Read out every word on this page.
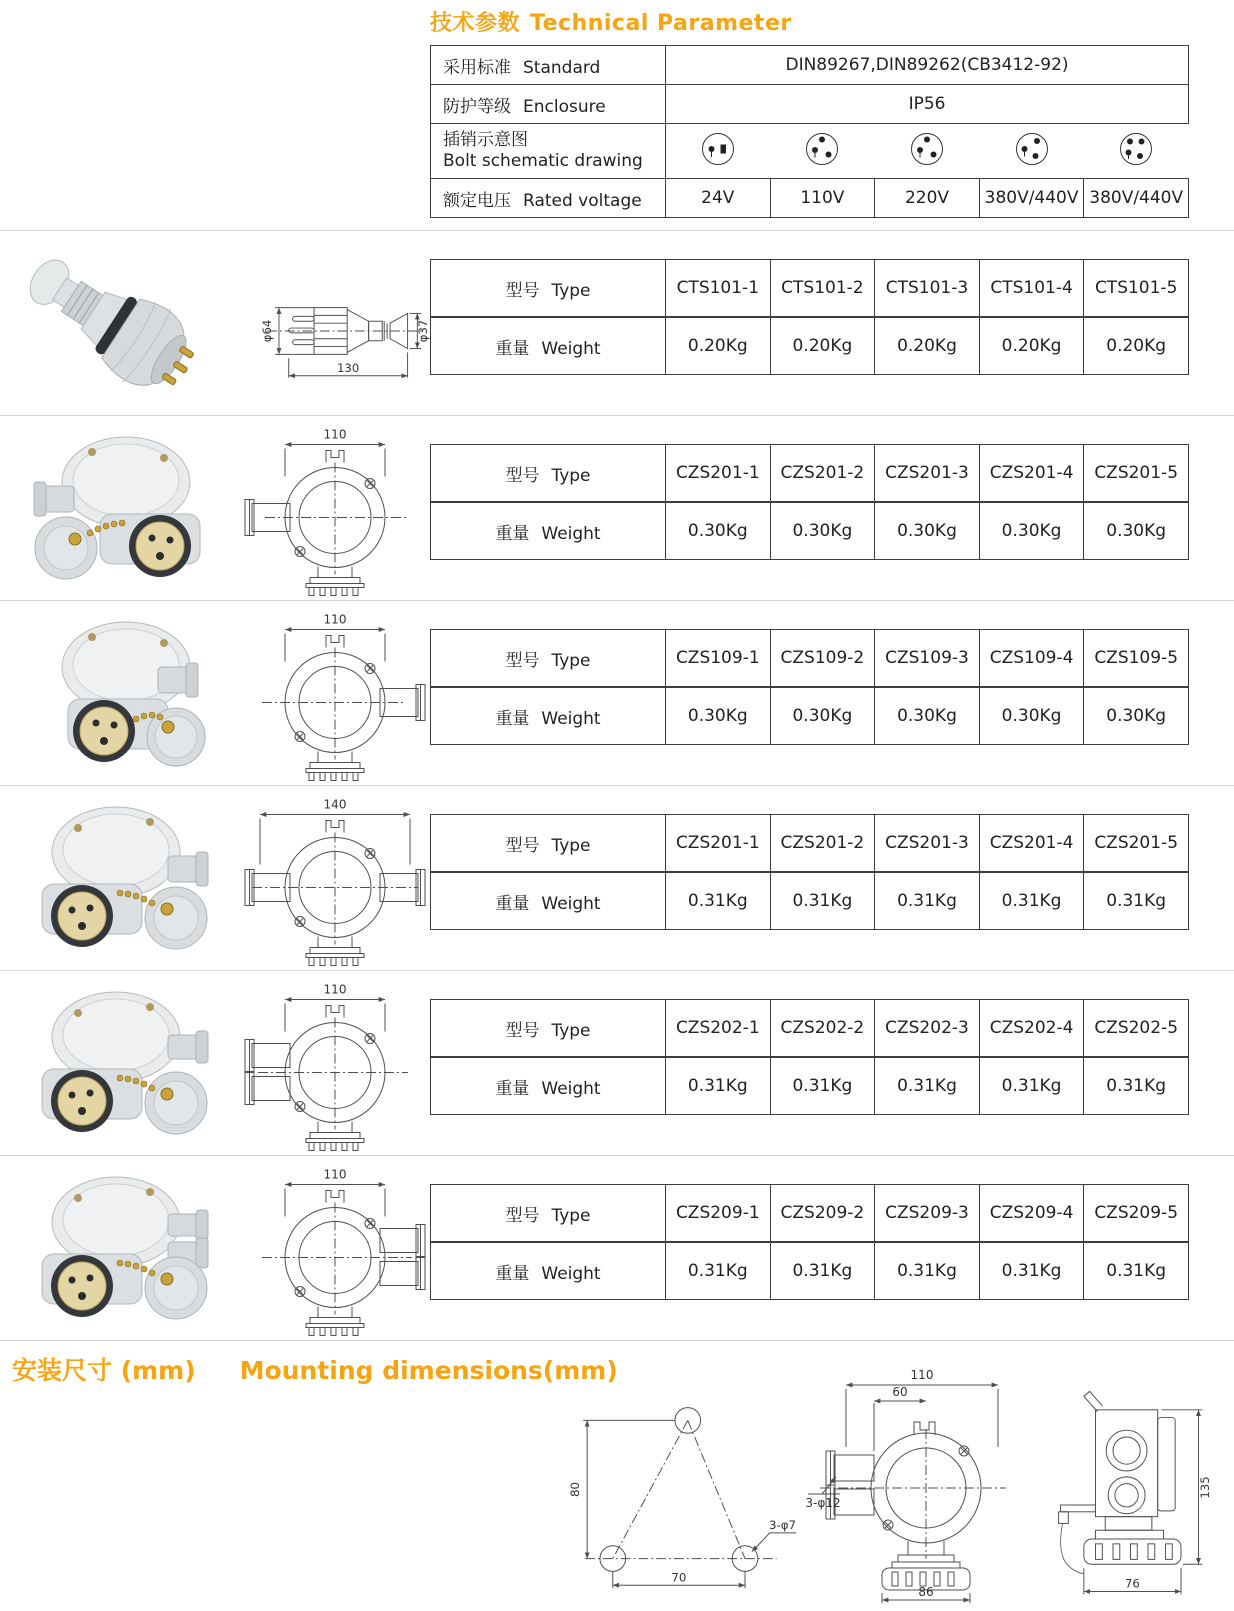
技术参数 Technical Parameter
采用标准 Standard	DIN89267,DIN89262(CB3412-92)				
防护等级 Enclosure	IP56				

插销示意图
Bolt schematic drawing

额定电压 Rated voltage	24V	110V	220V	380V/440V	380V/440V
φ64
130
φ37
型号 Type	CTS101-1	CTS101-2	CTS101-3	CTS101-4	CTS101-5
重量 Weight	0.20Kg	0.20Kg	0.20Kg	0.20Kg	0.20Kg
110
型号 Type	CZS201-1	CZS201-2	CZS201-3	CZS201-4	CZS201-5
重量 Weight	0.30Kg	0.30Kg	0.30Kg	0.30Kg	0.30Kg
110
型号 Type	CZS109-1	CZS109-2	CZS109-3	CZS109-4	CZS109-5
重量 Weight	0.30Kg	0.30Kg	0.30Kg	0.30Kg	0.30Kg
140
型号 Type	CZS201-1	CZS201-2	CZS201-3	CZS201-4	CZS201-5
重量 Weight	0.31Kg	0.31Kg	0.31Kg	0.31Kg	0.31Kg
110
型号 Type	CZS202-1	CZS202-2	CZS202-3	CZS202-4	CZS202-5
重量 Weight	0.31Kg	0.31Kg	0.31Kg	0.31Kg	0.31Kg
110
型号 Type	CZS209-1	CZS209-2	CZS209-3	CZS209-4	CZS209-5
重量 Weight	0.31Kg	0.31Kg	0.31Kg	0.31Kg	0.31Kg
安装尺寸 (mm) Mounting dimensions(mm)
80
70
3-φ7
110
60
3-φ12
86
135
76
